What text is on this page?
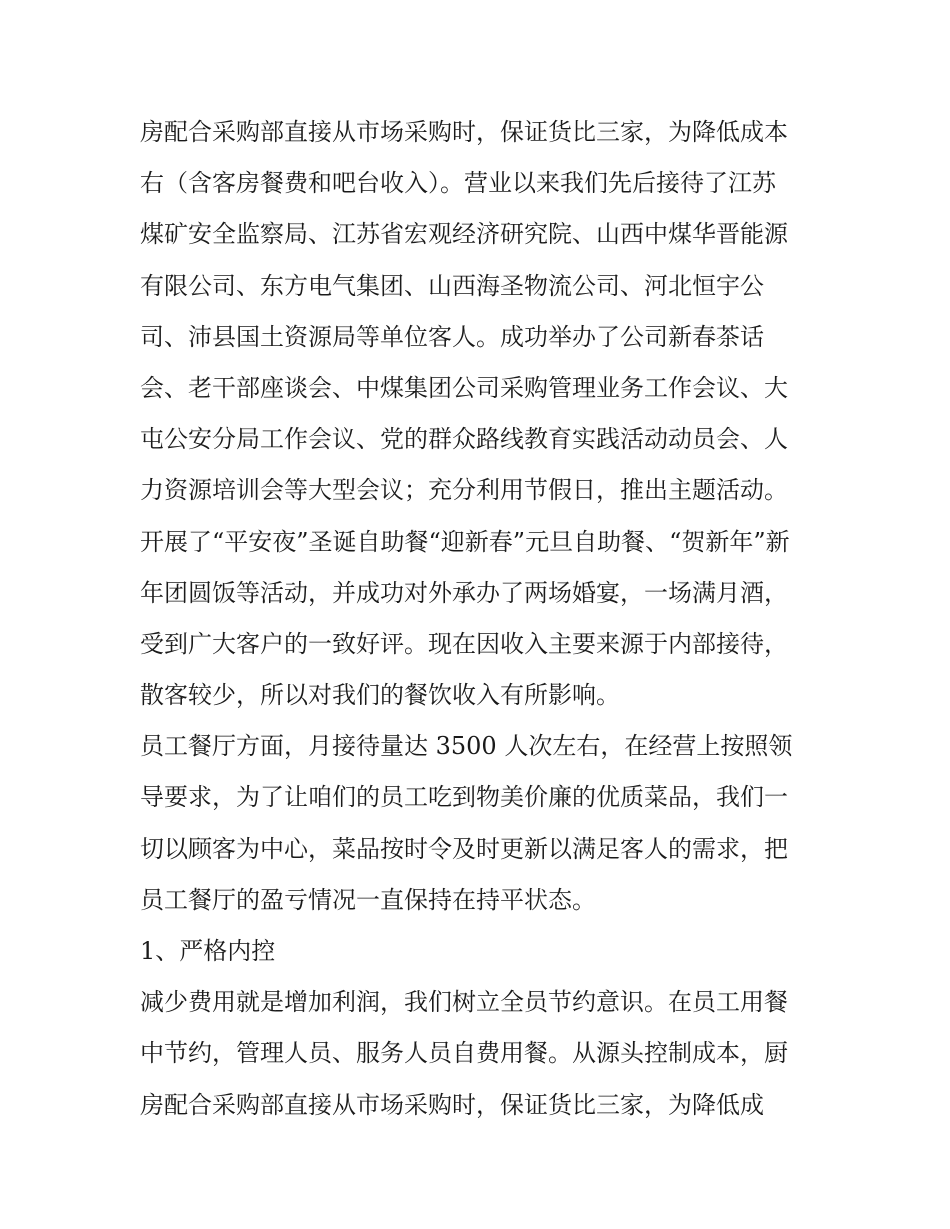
房配合采购部直接从市场采购时，保证货比三家，为降低成本
右（含客房餐费和吧台收入）。营业以来我们先后接待了江苏
煤矿安全监察局、江苏省宏观经济研究院、山西中煤华晋能源
有限公司、东方电气集团、山西海圣物流公司、河北恒宇公
司、沛县国土资源局等单位客人。成功举办了公司新春茶话
会、老干部座谈会、中煤集团公司采购管理业务工作会议、大
屯公安分局工作会议、党的群众路线教育实践活动动员会、人
力资源培训会等大型会议；充分利用节假日，推出主题活动。
开展了“平安夜”圣诞自助餐“迎新春”元旦自助餐、“贺新年”新
年团圆饭等活动，并成功对外承办了两场婚宴，一场满月酒，
受到广大客户的一致好评。现在因收入主要来源于内部接待，
散客较少，所以对我们的餐饮收入有所影响。
员工餐厅方面，月接待量达 3500 人次左右，在经营上按照领
导要求，为了让咱们的员工吃到物美价廉的优质菜品，我们一
切以顾客为中心，菜品按时令及时更新以满足客人的需求，把
员工餐厅的盈亏情况一直保持在持平状态。
1、严格内控
减少费用就是增加利润，我们树立全员节约意识。在员工用餐
中节约，管理人员、服务人员自费用餐。从源头控制成本，厨
房配合采购部直接从市场采购时，保证货比三家，为降低成
